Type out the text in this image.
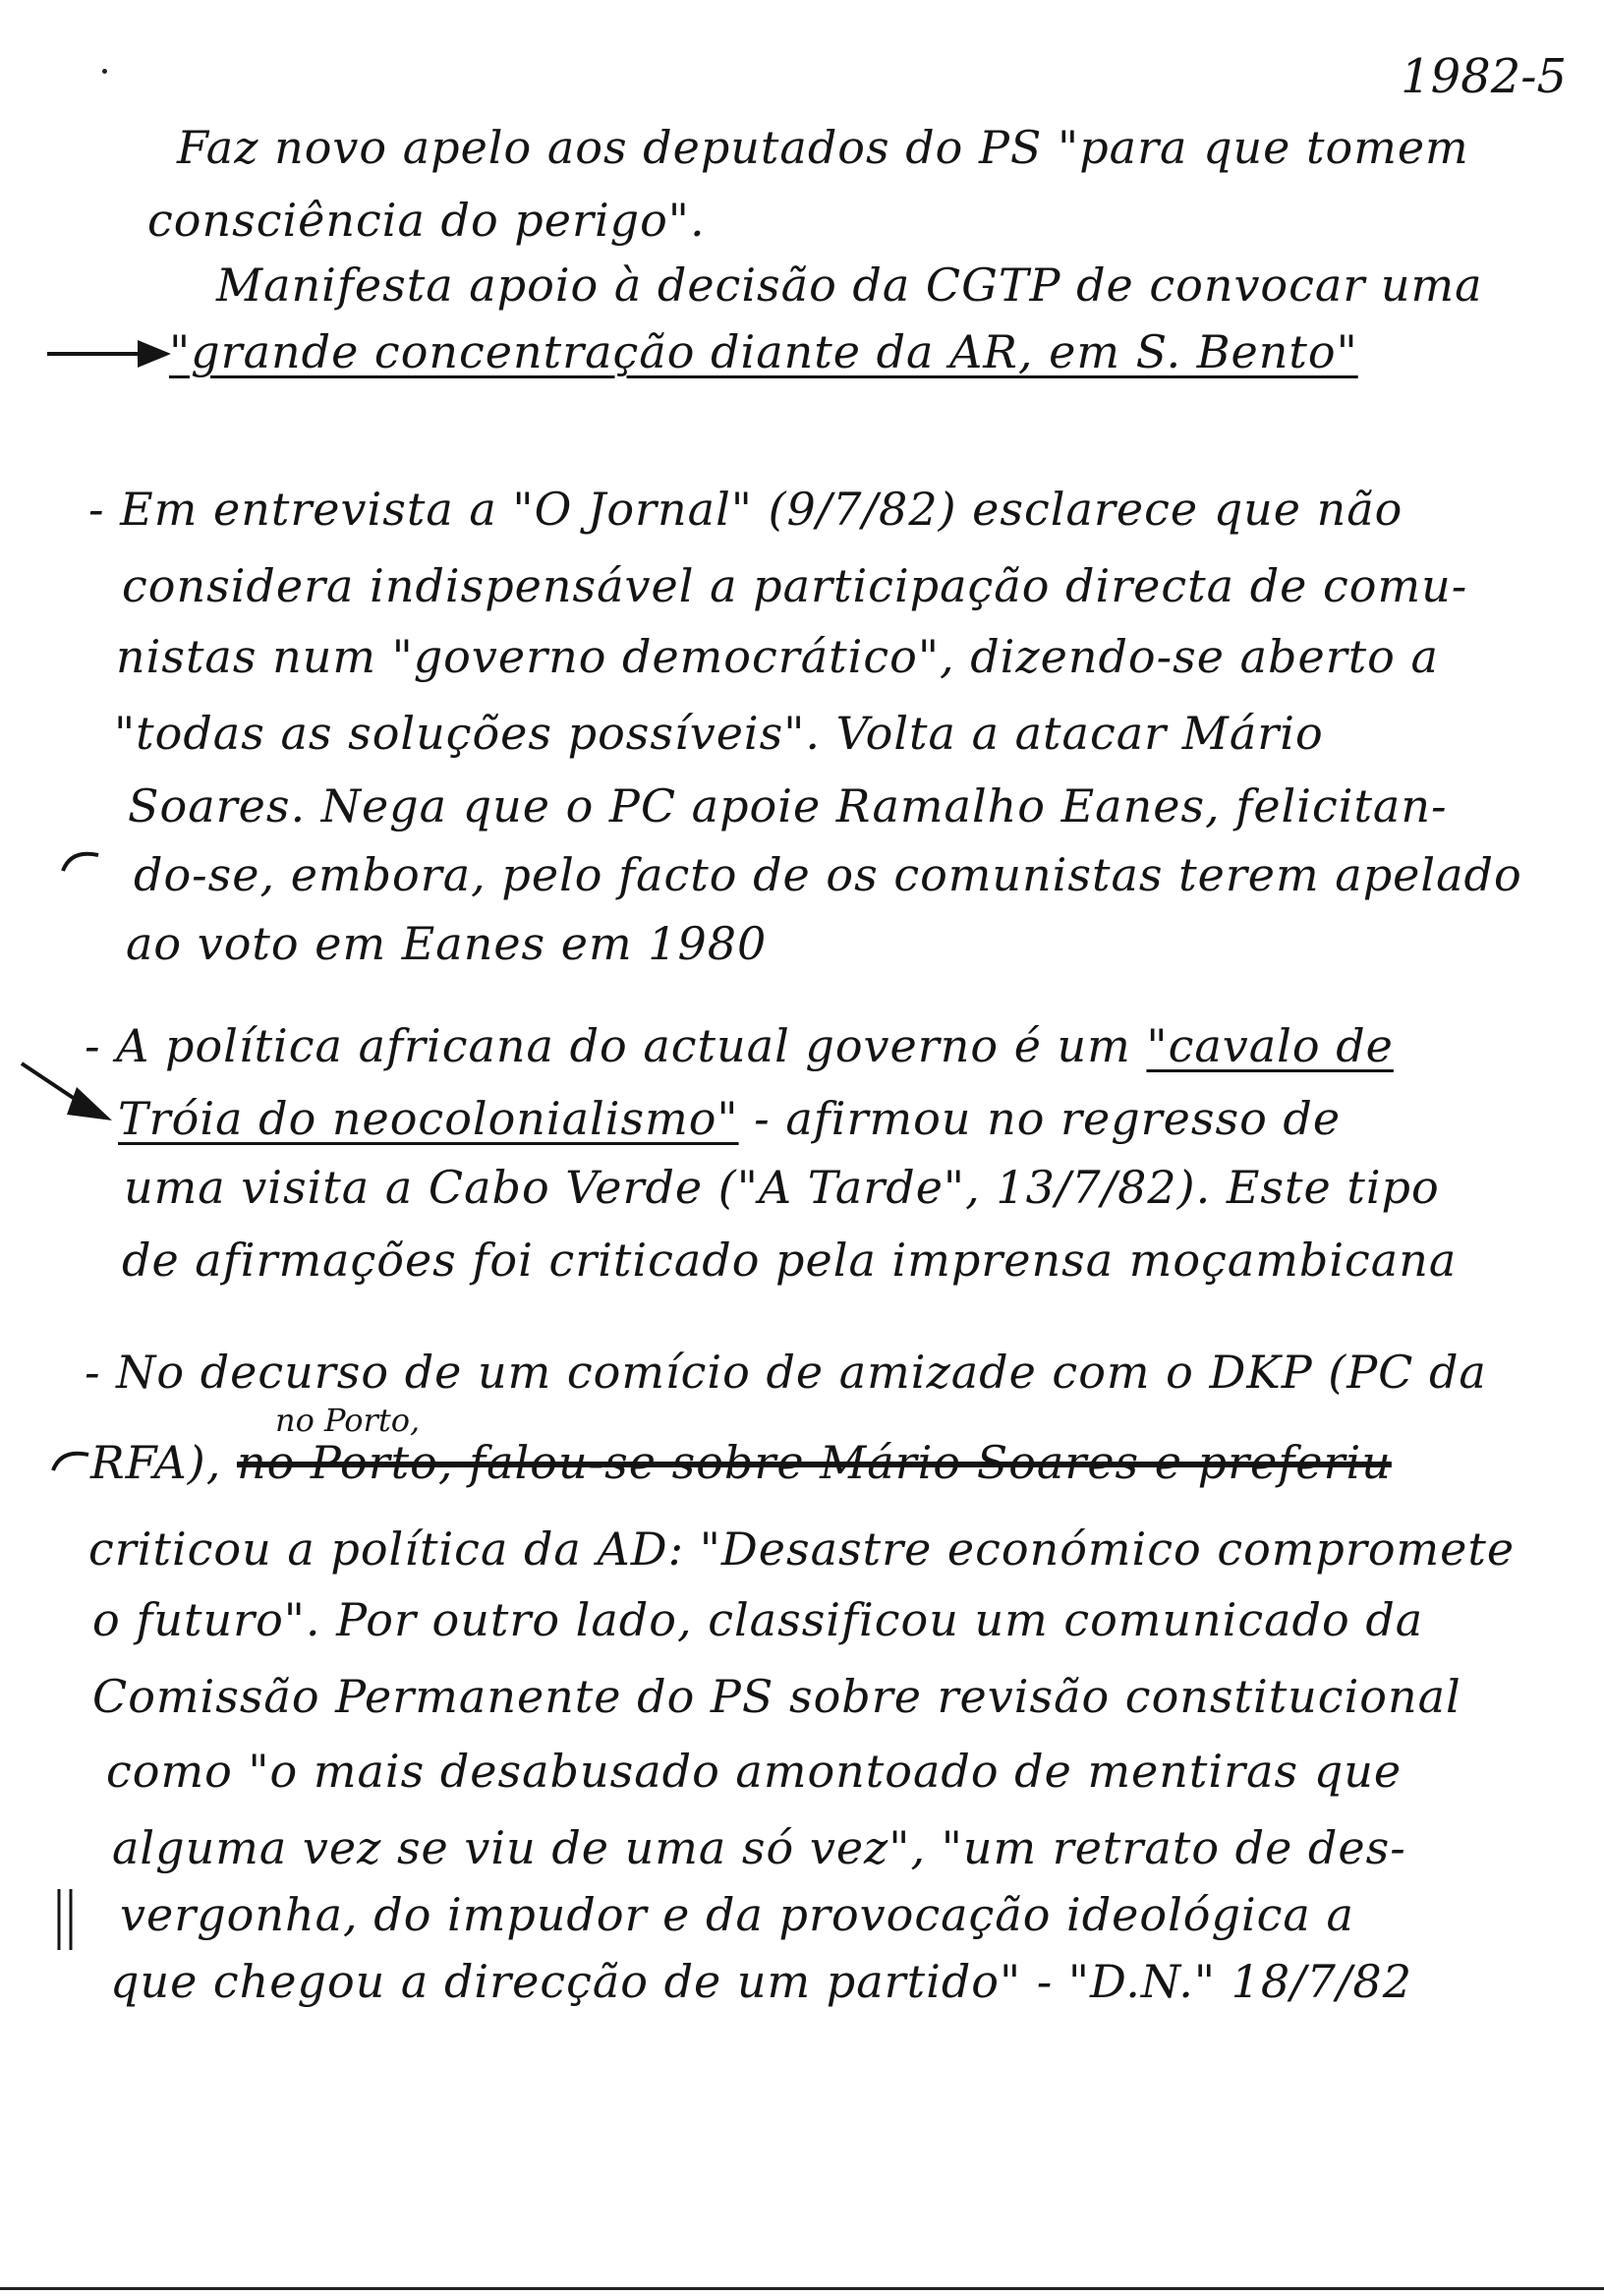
1982-5
Faz novo apelo aos deputados do PS "para que tomem
consciência do perigo".
Manifesta apoio à decisão da CGTP de convocar uma
"grande concentração diante da AR, em S. Bento"
- Em entrevista a "O Jornal" (9/7/82) esclarece que não
considera indispensável a participação directa de comu-
nistas num "governo democrático", dizendo-se aberto a
"todas as soluções possíveis". Volta a atacar Mário
Soares. Nega que o PC apoie Ramalho Eanes, felicitan-
do-se, embora, pelo facto de os comunistas terem apelado
ao voto em Eanes em 1980
- A política africana do actual governo é um "cavalo de
Tróia do neocolonialismo" - afirmou no regresso de
uma visita a Cabo Verde ("A Tarde", 13/7/82). Este tipo
de afirmações foi criticado pela imprensa moçambicana
- No decurso de um comício de amizade com o DKP (PC da
no Porto,
RFA), no Porto, falou-se sobre Mário Soares e preferiu
criticou a política da AD: "Desastre económico compromete
o futuro". Por outro lado, classificou um comunicado da
Comissão Permanente do PS sobre revisão constitucional
como "o mais desabusado amontoado de mentiras que
alguma vez se viu de uma só vez", "um retrato de des-
vergonha, do impudor e da provocação ideológica a
que chegou a direcção de um partido" - "D.N." 18/7/82
